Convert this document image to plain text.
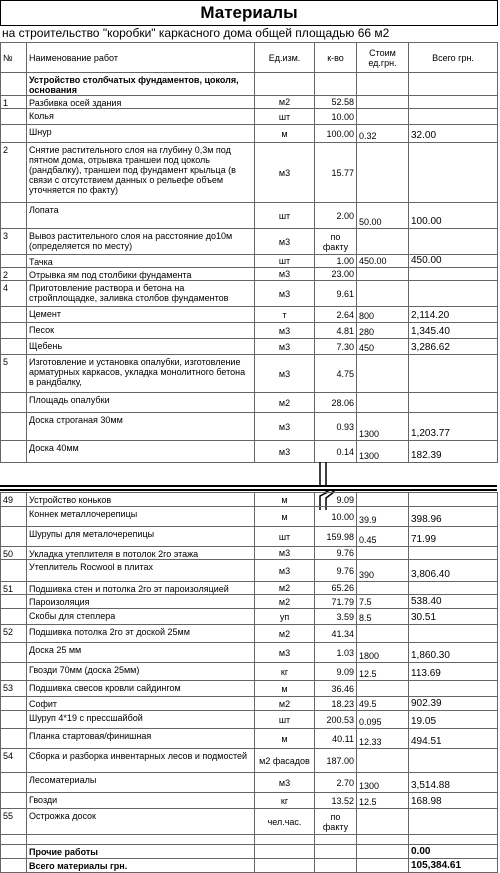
Материалы
на строительство "коробки" каркасного дома общей площадью 66 м2
№	Наименование работ	Ед.изм.	к-во	Стоим ед.грн.	Всего грн.
	Устройство столбчатых фундаментов, цоколя, основания				
1	Разбивка осей здания	м2	52.58		
	Колья	шт	10.00		
	Шнур	м	100.00	0.32	32.00
2	Снятие растительного слоя на глубину 0,3м под пятном дома, отрывка траншеи под цоколь (рандбалку), траншеи под фундамент крыльца (в связи с отсутствием данных о рельефе объем уточняется по факту)	м3	15.77		
	Лопата	шт	2.00	50.00	100.00
3	Вывоз растительного слоя на расстояние до10м (определяется по месту)	м3	по факту		
	Тачка	шт	1.00	450.00	450.00
2	Отрывка ям под столбики фундамента	м3	23.00		
4	Приготовление раствора и бетона на стройплощадке, заливка столбов фундаментов	м3	9.61		
	Цемент	т	2.64	800	2,114.20
	Песок	м3	4.81	280	1,345.40
	Щебень	м3	7.30	450	3,286.62
5	Изготовление и установка опалубки, изготовление арматурных каркасов, укладка монолитного бетона в рандбалку,	м3	4.75		
	Площадь опалубки	м2	28.06		
	Доска строганая 30мм	м3	0.93	1300	1,203.77
	Доска 40мм	м3	0.14	1300	182.39
49	Устройство коньков	м	9.09		
	Коннек металлочерепицы	м	10.00	39.9	398.96
	Шурупы для металочерепицы	шт	159.98	0.45	71.99
50	Укладка утеплителя в потолок 2го этажа	м3	9.76		
	Утеплитель Rocwool в плитах	м3	9.76	390	3,806.40
51	Подшивка стен и потолка 2го эт пароизоляцией	м2	65.26		
	Пароизоляция	м2	71.79	7.5	538.40
	Скобы для степлера	уп	3.59	8.5	30.51
52	Подшивка потолка 2го эт доской 25мм	м2	41.34		
	Доска 25 мм	м3	1.03	1800	1,860.30
	Гвозди 70мм (доска 25мм)	кг	9.09	12.5	113.69
53	Подшивка свесов кровли сайдингом	м	36.46		
	Софит	м2	18.23	49.5	902.39
	Шуруп 4*19 с прессшайбой	шт	200.53	0.095	19.05
	Планка стартовая/финишная	м	40.11	12.33	494.51
54	Сборка и разборка инвентарных лесов и подмостей	м2 фасадов	187.00		
	Лесоматериалы	м3	2.70	1300	3,514.88
	Гвозди	кг	13.52	12.5	168.98
55	Острожка досок	чел.час.	по факту		

	Прочие работы				0.00
	Всего материалы грн.				105,384.61
